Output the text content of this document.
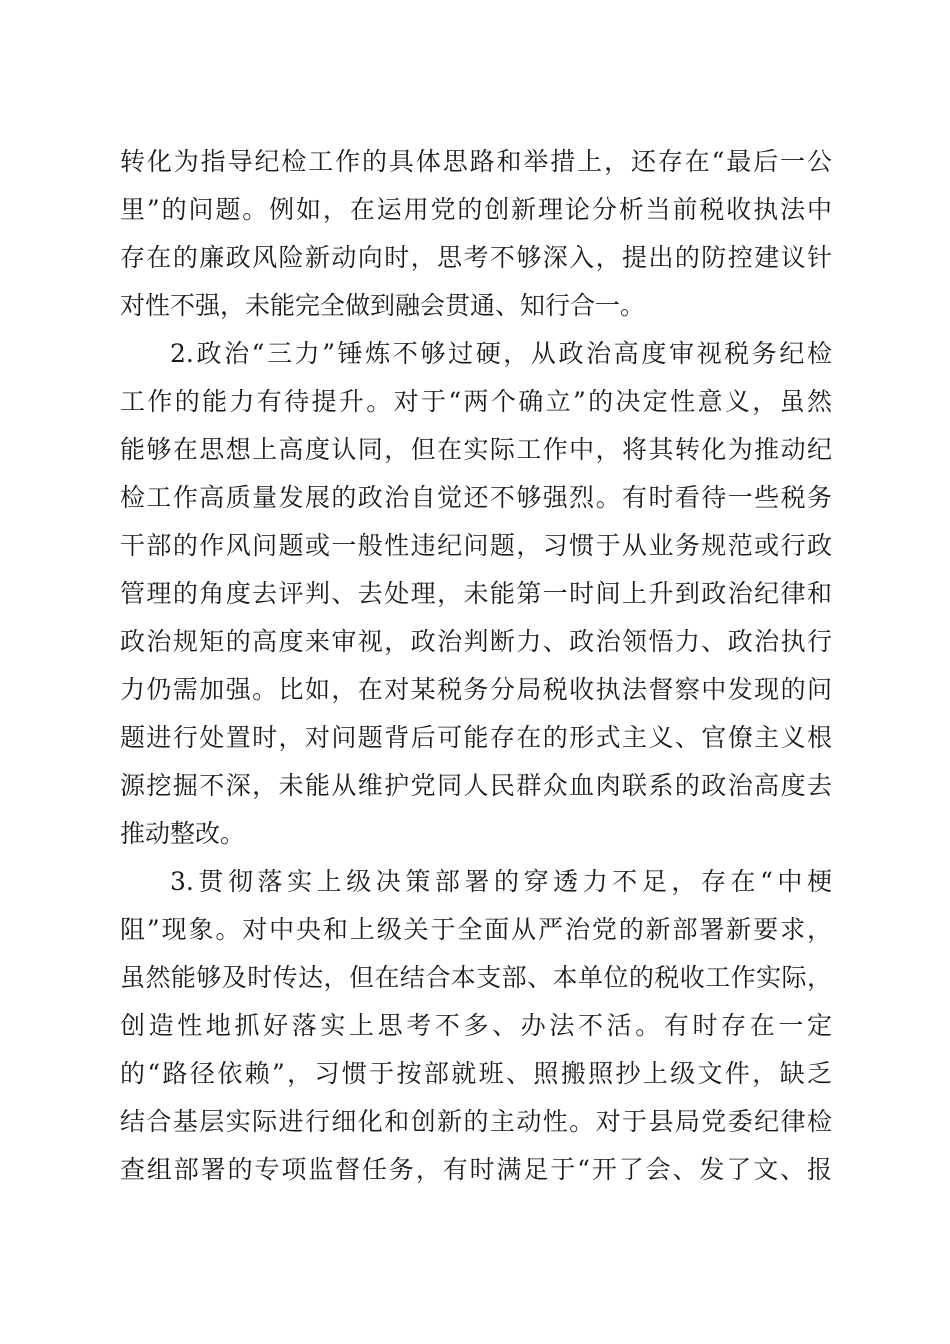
转化为指导纪检工作的具体思路和举措上，还存在“最后一公
里”的问题。例如，在运用党的创新理论分析当前税收执法中
存在的廉政风险新动向时，思考不够深入，提出的防控建议针
对性不强，未能完全做到融会贯通、知行合一。
2.政治“三力”锤炼不够过硬，从政治高度审视税务纪检
工作的能力有待提升。对于“两个确立”的决定性意义，虽然
能够在思想上高度认同，但在实际工作中，将其转化为推动纪
检工作高质量发展的政治自觉还不够强烈。有时看待一些税务
干部的作风问题或一般性违纪问题，习惯于从业务规范或行政
管理的角度去评判、去处理，未能第一时间上升到政治纪律和
政治规矩的高度来审视，政治判断力、政治领悟力、政治执行
力仍需加强。比如，在对某税务分局税收执法督察中发现的问
题进行处置时，对问题背后可能存在的形式主义、官僚主义根
源挖掘不深，未能从维护党同人民群众血肉联系的政治高度去
推动整改。
3.贯彻落实上级决策部署的穿透力不足，存在“中梗
阻”现象。对中央和上级关于全面从严治党的新部署新要求，
虽然能够及时传达，但在结合本支部、本单位的税收工作实际，
创造性地抓好落实上思考不多、办法不活。有时存在一定
的“路径依赖”，习惯于按部就班、照搬照抄上级文件，缺乏
结合基层实际进行细化和创新的主动性。对于县局党委纪律检
查组部署的专项监督任务，有时满足于“开了会、发了文、报
